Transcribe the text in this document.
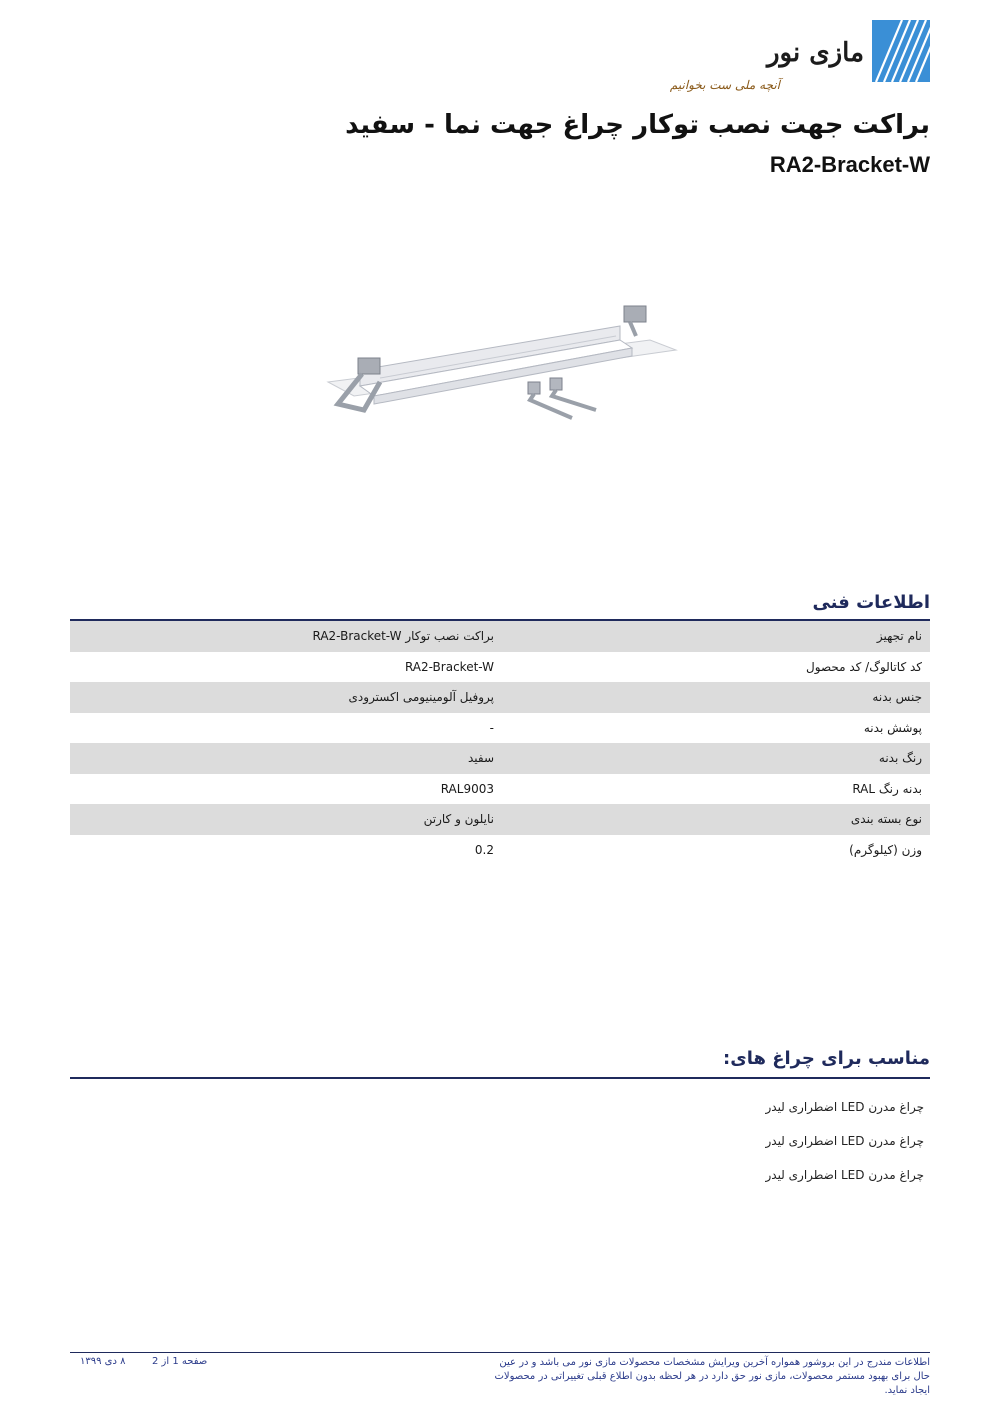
مازی نور
آنچه ملی ست بخوانیم
براکت جهت نصب توکار چراغ جهت نما - سفید
RA2-Bracket-W
اطلاعات فنی
نام تجهیز
براکت نصب توکار RA2-Bracket-W
کد کاتالوگ/ کد محصول
RA2-Bracket-W
جنس بدنه
پروفیل آلومینیومی اکسترودی
پوشش بدنه
-
رنگ بدنه
سفید
بدنه رنگ RAL
RAL9003
نوع بسته بندی
نایلون و کارتن
وزن (کیلوگرم)
0.2
مناسب برای چراغ های:
چراغ مدرن LED اضطراری لیدر
چراغ مدرن LED اضطراری لیدر
چراغ مدرن LED اضطراری لیدر
اطلاعات مندرج در این بروشور همواره آخرین ویرایش مشخصات محصولات مازی نور می باشد و در عین حال برای بهبود مستمر محصولات، مازی نور حق دارد در هر لحظه بدون اطلاع قبلی تغییراتی در محصولات ایجاد نماید.
صفحه 1 از 2
۸ دی ۱۳۹۹
